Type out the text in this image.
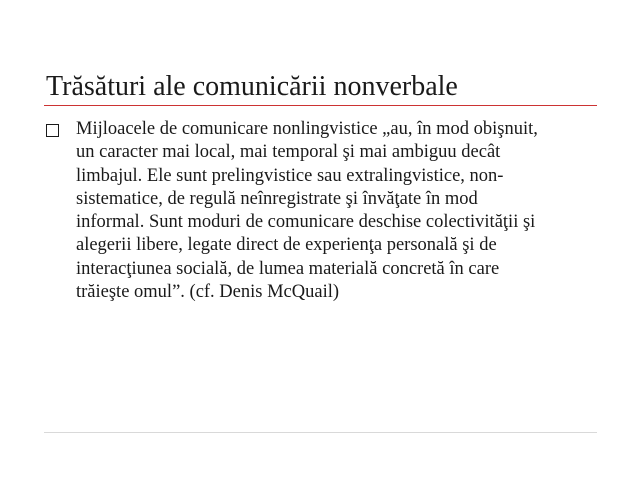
Trăsături ale comunicării nonverbale
Mijloacele de comunicare nonlingvistice „au, în mod obişnuit,
un caracter mai local, mai temporal şi mai ambiguu decât
limbajul. Ele sunt prelingvistice sau extralingvistice, non-
sistematice, de regulă neînregistrate şi învăţate în mod
informal. Sunt moduri de comunicare deschise colectivităţii şi
alegerii libere, legate direct de experienţa personală şi de
interacţiunea socială, de lumea materială concretă în care
trăieşte omul”. (cf. Denis McQuail)
